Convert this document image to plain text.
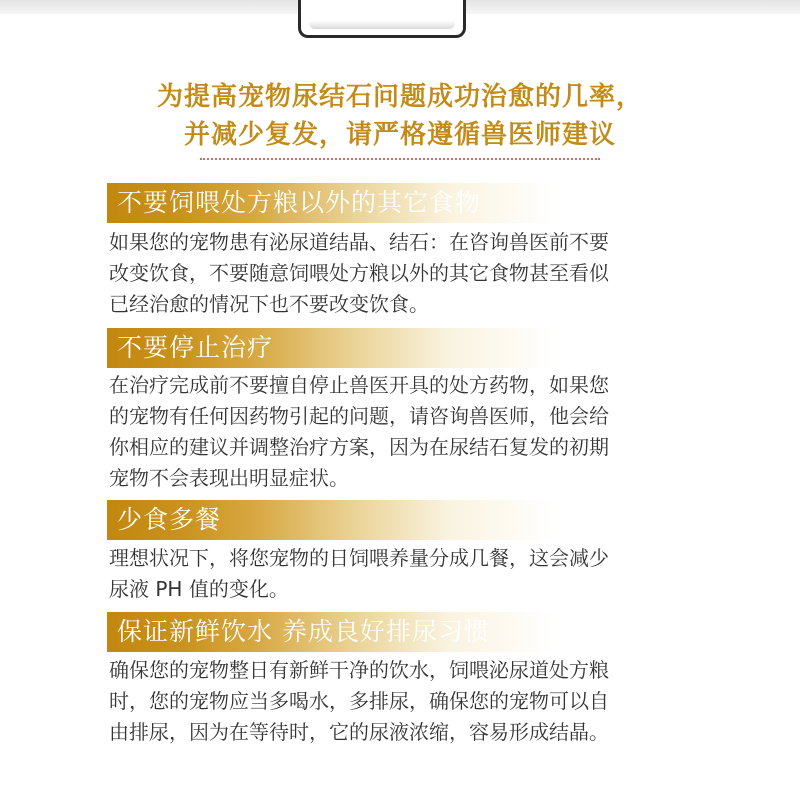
为提高宠物尿结石问题成功治愈的几率，
并减少复发，请严格遵循兽医师建议
不要饲喂处方粮以外的其它食物
如果您的宠物患有泌尿道结晶、结石：在咨询兽医前不要
改变饮食，不要随意饲喂处方粮以外的其它食物甚至看似
已经治愈的情况下也不要改变饮食。
不要停止治疗
在治疗完成前不要擅自停止兽医开具的处方药物，如果您
的宠物有任何因药物引起的问题，请咨询兽医师，他会给
你相应的建议并调整治疗方案，因为在尿结石复发的初期
宠物不会表现出明显症状。
少食多餐
理想状况下，将您宠物的日饲喂养量分成几餐，这会减少
尿液 PH 值的变化。
保证新鲜饮水 养成良好排尿习惯
确保您的宠物整日有新鲜干净的饮水，饲喂泌尿道处方粮
时，您的宠物应当多喝水，多排尿，确保您的宠物可以自
由排尿，因为在等待时，它的尿液浓缩，容易形成结晶。
